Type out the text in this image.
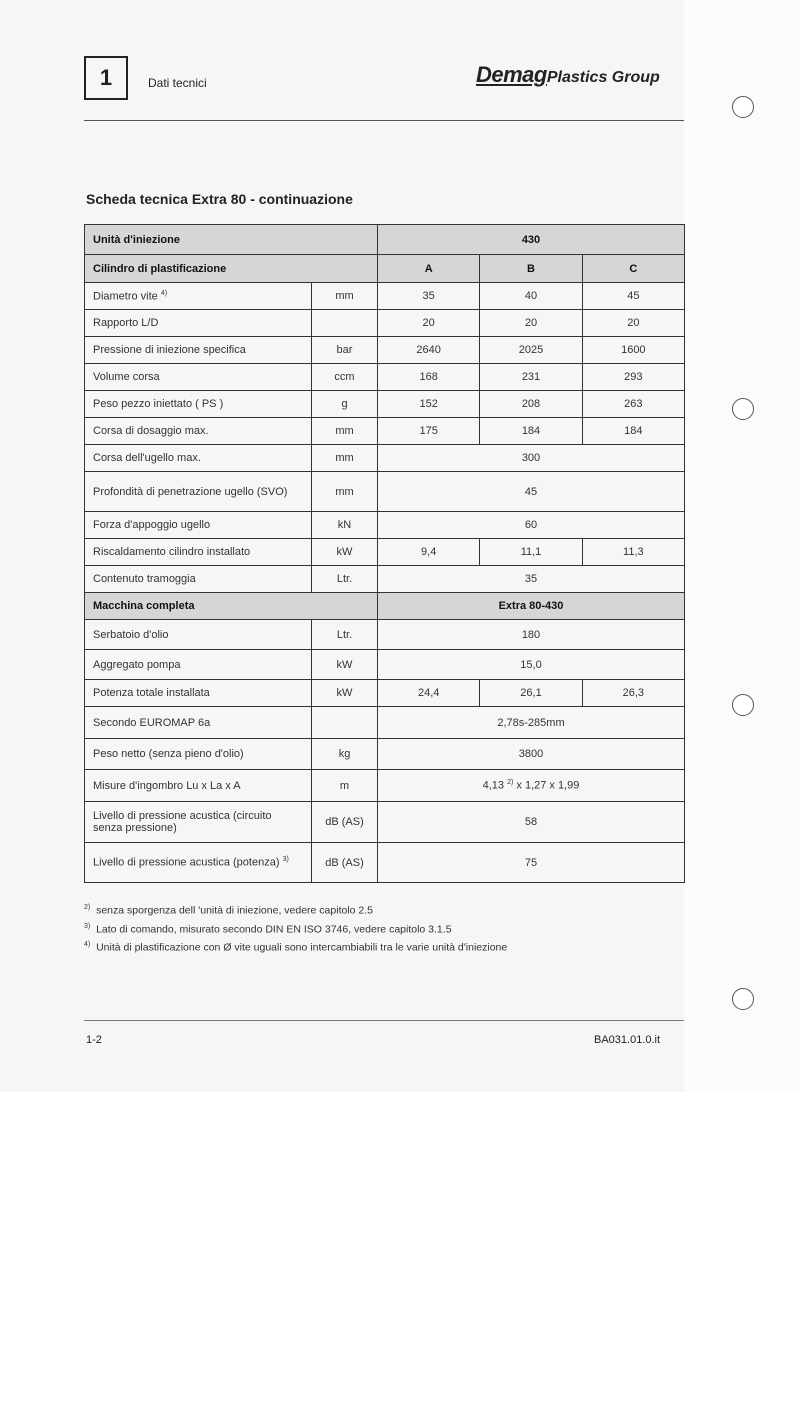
1	Dati tecnici	DemagPlastics Group
Scheda tecnica Extra 80 - continuazione
Unità d'iniezione		430		
Cilindro di plastificazione		A	B	C
Diametro vite $^{4)}$	mm	35	40	45
Rapporto L/D		20	20	20
Pressione di iniezione specifica	bar	2640	2025	1600
Volume corsa	ccm	168	231	293
Peso pezzo iniettato ( PS )	g	152	208	263
Corsa di dosaggio max.	mm	175	184	184
Corsa dell'ugello max.	mm	300		
Profondità di penetrazione ugello (SVO)	mm	45		
Forza d'appoggio ugello	kN	60		
Riscaldamento cilindro installato	kW	9,4	11,1	11,3
Contenuto tramoggia	Ltr.	35		
Macchina completa		Extra 80-430		
Serbatoio d'olio	Ltr.	180		
Aggregato pompa	kW	15,0		
Potenza totale installata	kW	24,4	26,1	26,3
Secondo EUROMAP 6a		2,78s-285mm		
Peso netto (senza pieno d'olio)	kg	3800		
Misure d'ingombro Lu x La x A	m	4,13 $^{2)}$ x 1,27 x 1,99		
Livello di pressione acustica (circuito senza pressione)	dB (AS)	58		
Livello di pressione acustica (potenza) $^{3)}$	dB (AS)	75		
$^{2)}$ senza sporgenza dell 'unità di iniezione, vedere capitolo 2.5
$^{3)}$ Lato di comando, misurato secondo DIN EN ISO 3746, vedere capitolo 3.1.5
$^{4)}$ Unità di plastificazione con Ø vite uguali sono intercambiabili tra le varie unità d'iniezione
1-2	BA031.01.0.it
